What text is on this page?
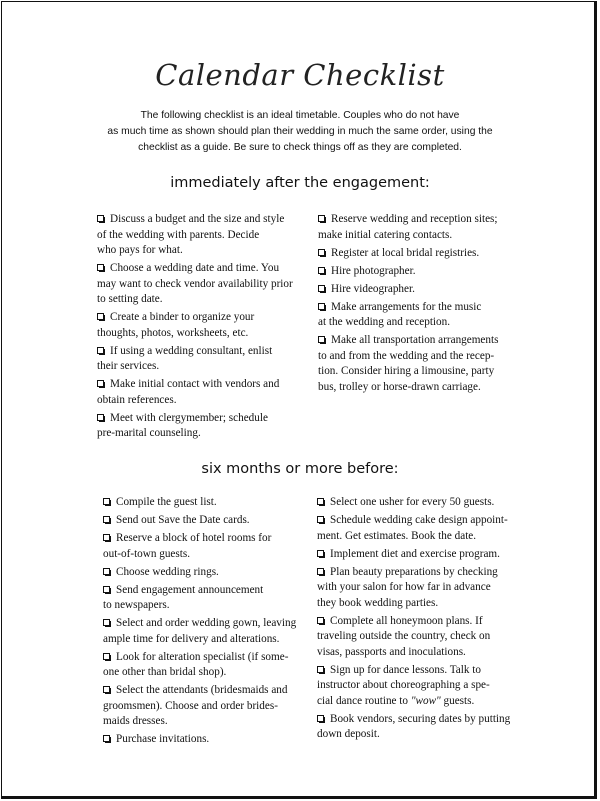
Calendar Checklist
The following checklist is an ideal timetable. Couples who do not have
as much time as shown should plan their wedding in much the same order, using the
checklist as a guide. Be sure to check things off as they are completed.
immediately after the engagement:
Discuss a budget and the size and style
of the wedding with parents. Decide
who pays for what.
Choose a wedding date and time. You
may want to check vendor availability prior
to setting date.
Create a binder to organize your
thoughts, photos, worksheets, etc.
If using a wedding consultant, enlist
their services.
Make initial contact with vendors and
obtain references.
Meet with clergymember; schedule
pre-marital counseling.
Reserve wedding and reception sites;
make initial catering contacts.
Register at local bridal registries.
Hire photographer.
Hire videographer.
Make arrangements for the music
at the wedding and reception.
Make all transportation arrangements
to and from the wedding and the recep-
tion. Consider hiring a limousine, party
bus, trolley or horse-drawn carriage.
six months or more before:
Compile the guest list.
Send out Save the Date cards.
Reserve a block of hotel rooms for
out-of-town guests.
Choose wedding rings.
Send engagement announcement
to newspapers.
Select and order wedding gown, leaving
ample time for delivery and alterations.
Look for alteration specialist (if some-
one other than bridal shop).
Select the attendants (bridesmaids and
groomsmen). Choose and order brides-
maids dresses.
Purchase invitations.
Select one usher for every 50 guests.
Schedule wedding cake design appoint-
ment. Get estimates. Book the date.
Implement diet and exercise program.
Plan beauty preparations by checking
with your salon for how far in advance
they book wedding parties.
Complete all honeymoon plans. If
traveling outside the country, check on
visas, passports and inoculations.
Sign up for dance lessons. Talk to
instructor about choreographing a spe-
cial dance routine to "wow" guests.
Book vendors, securing dates by putting
down deposit.
